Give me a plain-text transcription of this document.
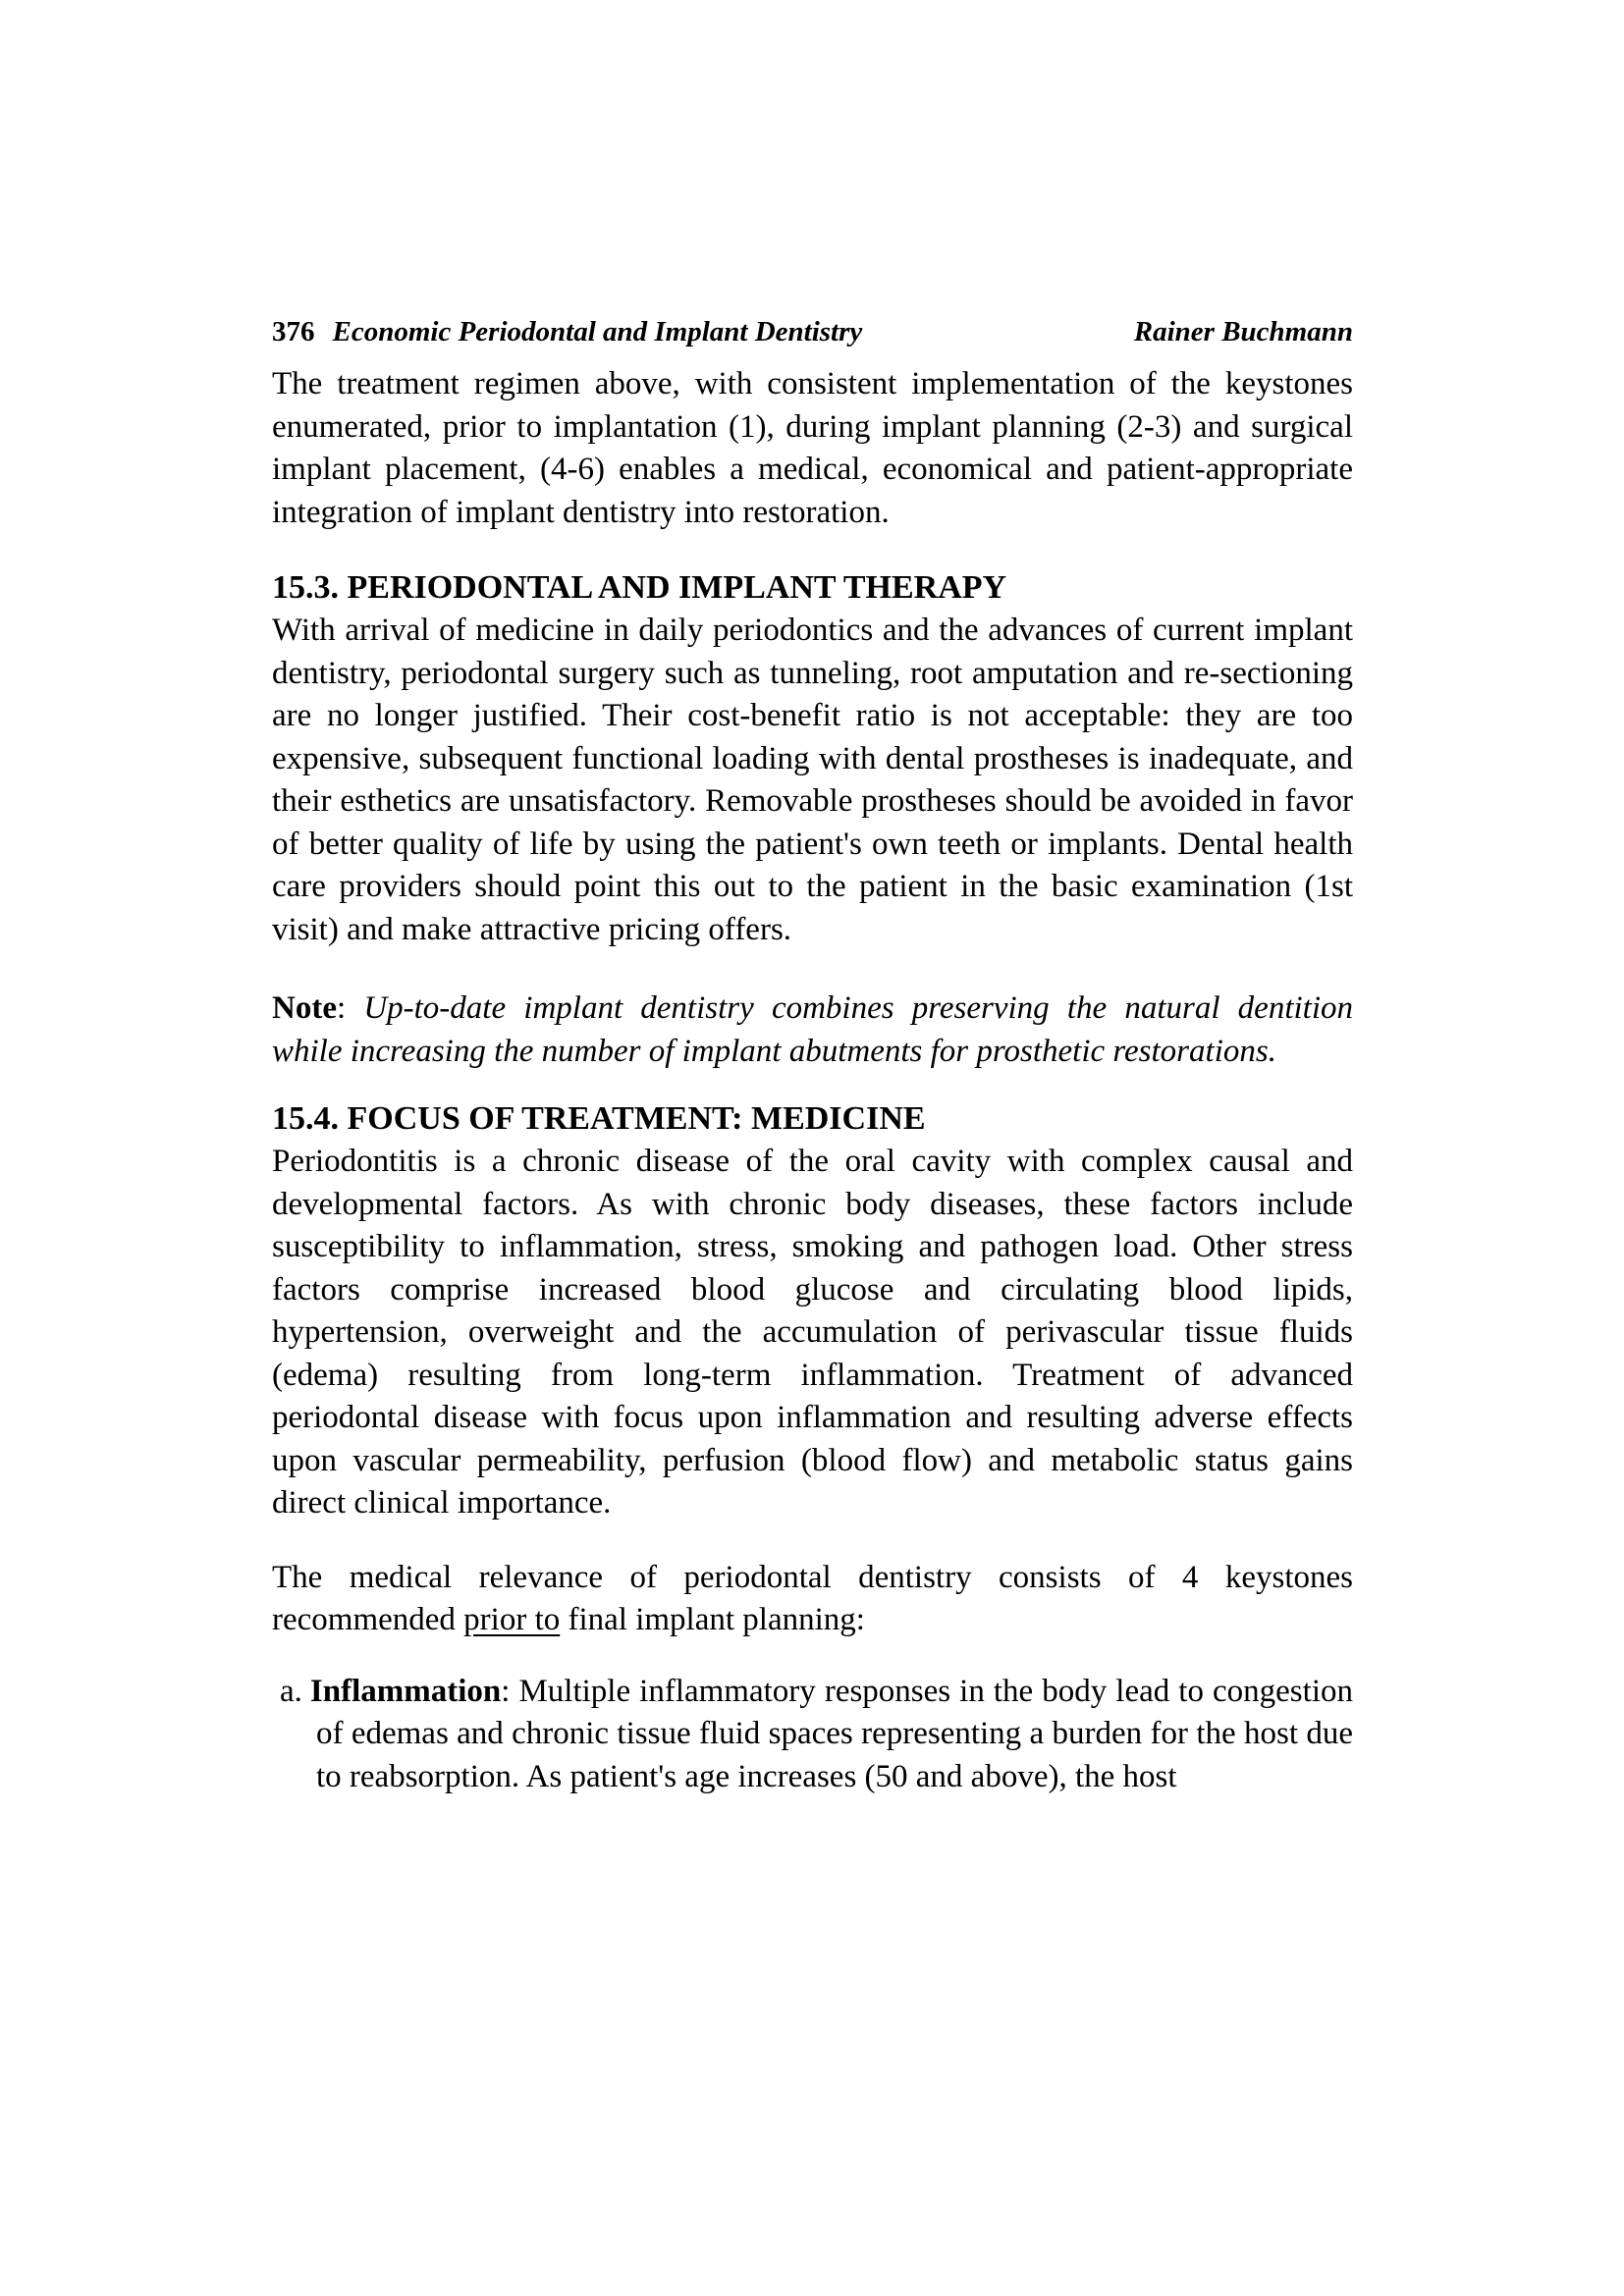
376 Economic Periodontal and Implant Dentistry	Rainer Buchmann

The treatment regimen above, with consistent implementation of the keystones enumerated, prior to implantation (1), during implant planning (2-3) and surgical implant placement, (4-6) enables a medical, economical and patient-appropriate integration of implant dentistry into restoration.

15.3. PERIODONTAL AND IMPLANT THERAPY

With arrival of medicine in daily periodontics and the advances of current implant dentistry, periodontal surgery such as tunneling, root amputation and re-sectioning are no longer justified. Their cost-benefit ratio is not acceptable: they are too expensive, subsequent functional loading with dental prostheses is inadequate, and their esthetics are unsatisfactory. Removable prostheses should be avoided in favor of better quality of life by using the patient's own teeth or implants. Dental health care providers should point this out to the patient in the basic examination (1st visit) and make attractive pricing offers.

Note: Up-to-date implant dentistry combines preserving the natural dentition while increasing the number of implant abutments for prosthetic restorations.

15.4. FOCUS OF TREATMENT: MEDICINE

Periodontitis is a chronic disease of the oral cavity with complex causal and developmental factors. As with chronic body diseases, these factors include susceptibility to inflammation, stress, smoking and pathogen load. Other stress factors comprise increased blood glucose and circulating blood lipids, hypertension, overweight and the accumulation of perivascular tissue fluids (edema) resulting from long-term inflammation. Treatment of advanced periodontal disease with focus upon inflammation and resulting adverse effects upon vascular permeability, perfusion (blood flow) and metabolic status gains direct clinical importance.

The medical relevance of periodontal dentistry consists of 4 keystones recommended prior to final implant planning:

a. Inflammation: Multiple inflammatory responses in the body lead to congestion of edemas and chronic tissue fluid spaces representing a burden for the host due to reabsorption. As patient's age increases (50 and above), the host
